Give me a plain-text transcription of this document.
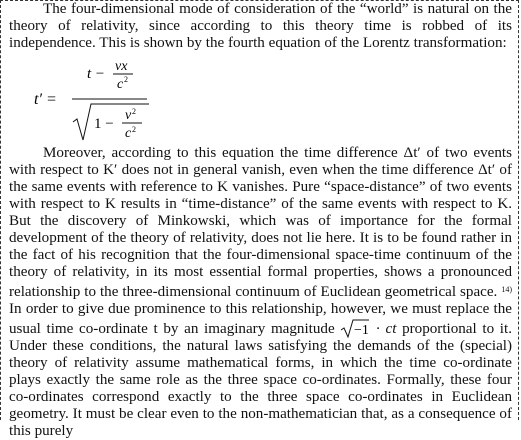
The four-dimensional mode of consideration of the “world” is natural on the theory of relativity, since according to this theory time is robbed of its independence. This is shown by the fourth equation of the Lorentz transformation:

t′ =
t − vx
c 2
1 −
v 2
c 2

Moreover, according to this equation the time difference Δt′ of two events with respect to K′ does not in general vanish, even when the time difference Δt′ of the same events with reference to K vanishes. Pure “space-distance” of two events with respect to K results in “time-distance” of the same events with respect to K. But the discovery of Minkowski, which was of importance for the formal development of the theory of relativity, does not lie here. It is to be found rather in the fact of his recognition that the four-dimensional space-time continuum of the theory of relativity, in its most essential formal properties, shows a pronounced relationship to the three-dimensional continuum of Euclidean geometrical space. $^{14)}$ In order to give due prominence to this relationship, however, we must replace the usual time co-ordinate t by an imaginary magnitude −1 · ct proportional to it. Under these conditions, the natural laws satisfying the demands of the (special) theory of relativity assume mathematical forms, in which the time co-ordinate plays exactly the same role as the three space co-ordinates. Formally, these four co-ordinates correspond exactly to the three space co-ordinates in Euclidean geometry. It must be clear even to the non-mathematician that, as a consequence of this purely
